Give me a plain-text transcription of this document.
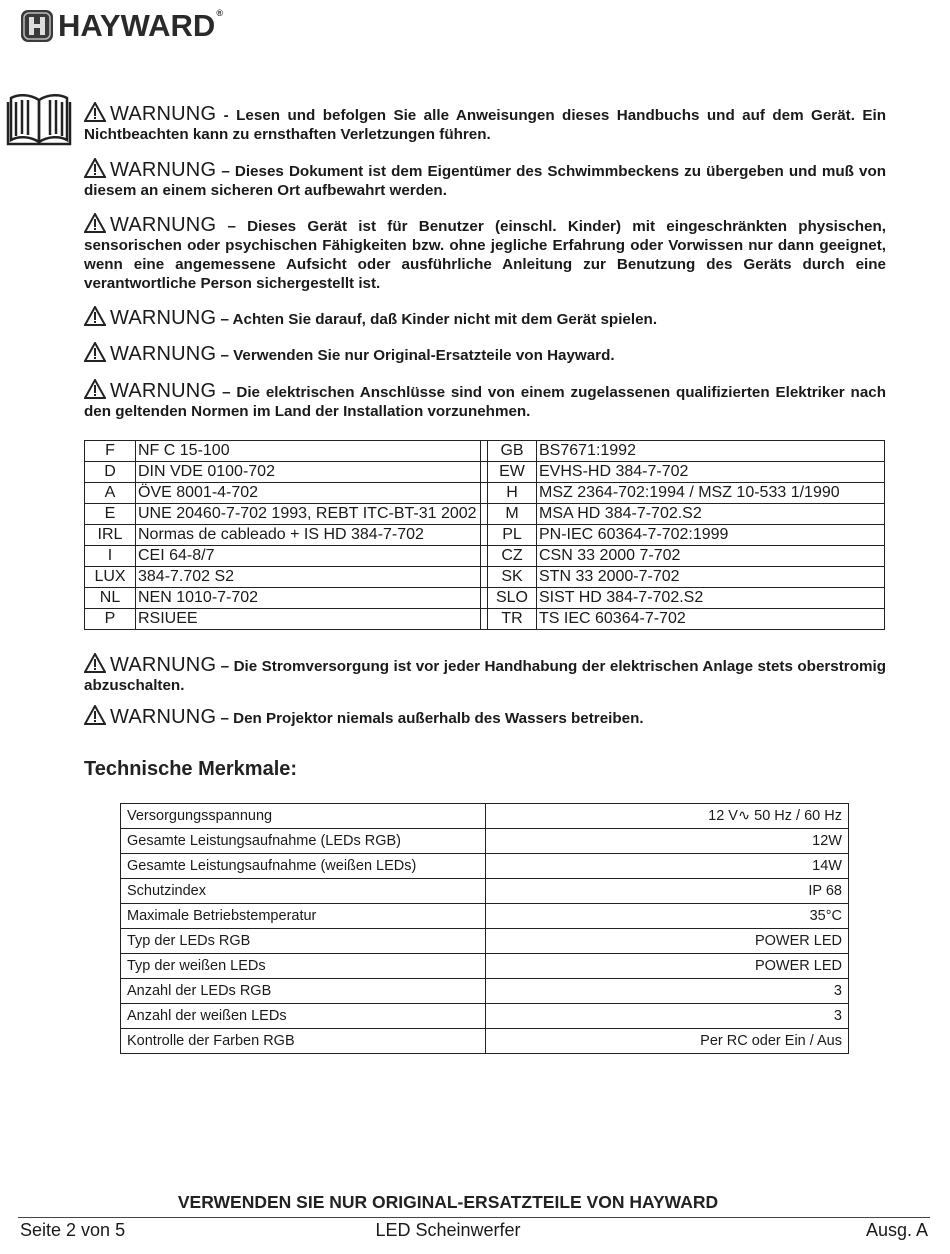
HAYWARD®
WARNUNG - Lesen und befolgen Sie alle Anweisungen dieses Handbuchs und auf dem Gerät. Ein Nichtbeachten kann zu ernsthaften Verletzungen führen.
WARNUNG – Dieses Dokument ist dem Eigentümer des Schwimmbeckens zu übergeben und muß von diesem an einem sicheren Ort aufbewahrt werden.
WARNUNG – Dieses Gerät ist für Benutzer (einschl. Kinder) mit eingeschränkten physischen, sensorischen oder psychischen Fähigkeiten bzw. ohne jegliche Erfahrung oder Vorwissen nur dann geeignet, wenn eine angemessene Aufsicht oder ausführliche Anleitung zur Benutzung des Geräts durch eine verantwortliche Person sichergestellt ist.
WARNUNG – Achten Sie darauf, daß Kinder nicht mit dem Gerät spielen.
WARNUNG – Verwenden Sie nur Original-Ersatzteile von Hayward.
WARNUNG – Die elektrischen Anschlüsse sind von einem zugelassenen qualifizierten Elektriker nach den geltenden Normen im Land der Installation vorzunehmen.
F	NF C 15-100		GB	BS7671:1992
D	DIN VDE 0100-702		EW	EVHS-HD 384-7-702
A	ÖVE 8001-4-702		H	MSZ 2364-702:1994 / MSZ 10-533 1/1990
E	UNE 20460-7-702 1993, REBT ITC-BT-31 2002		M	MSA HD 384-7-702.S2
IRL	Normas de cableado + IS HD 384-7-702		PL	PN-IEC 60364-7-702:1999
I	CEI 64-8/7		CZ	CSN 33 2000 7-702
LUX	384-7.702 S2		SK	STN 33 2000-7-702
NL	NEN 1010-7-702		SLO	SIST HD 384-7-702.S2
P	RSIUEE		TR	TS IEC 60364-7-702
WARNUNG – Die Stromversorgung ist vor jeder Handhabung der elektrischen Anlage stets oberstromig abzuschalten.
WARNUNG – Den Projektor niemals außerhalb des Wassers betreiben.
Technische Merkmale:
Versorgungsspannung	12 V∿ 50 Hz / 60 Hz
Gesamte Leistungsaufnahme (LEDs RGB)	12W
Gesamte Leistungsaufnahme (weißen LEDs)	14W
Schutzindex	IP 68
Maximale Betriebstemperatur	35°C
Typ der LEDs RGB	POWER LED
Typ der weißen LEDs	POWER LED
Anzahl der LEDs RGB	3
Anzahl der weißen LEDs	3
Kontrolle der Farben RGB	Per RC oder Ein / Aus
VERWENDEN SIE NUR ORIGINAL-ERSATZTEILE VON HAYWARD
Seite 2 von 5	LED Scheinwerfer	Ausg. A
